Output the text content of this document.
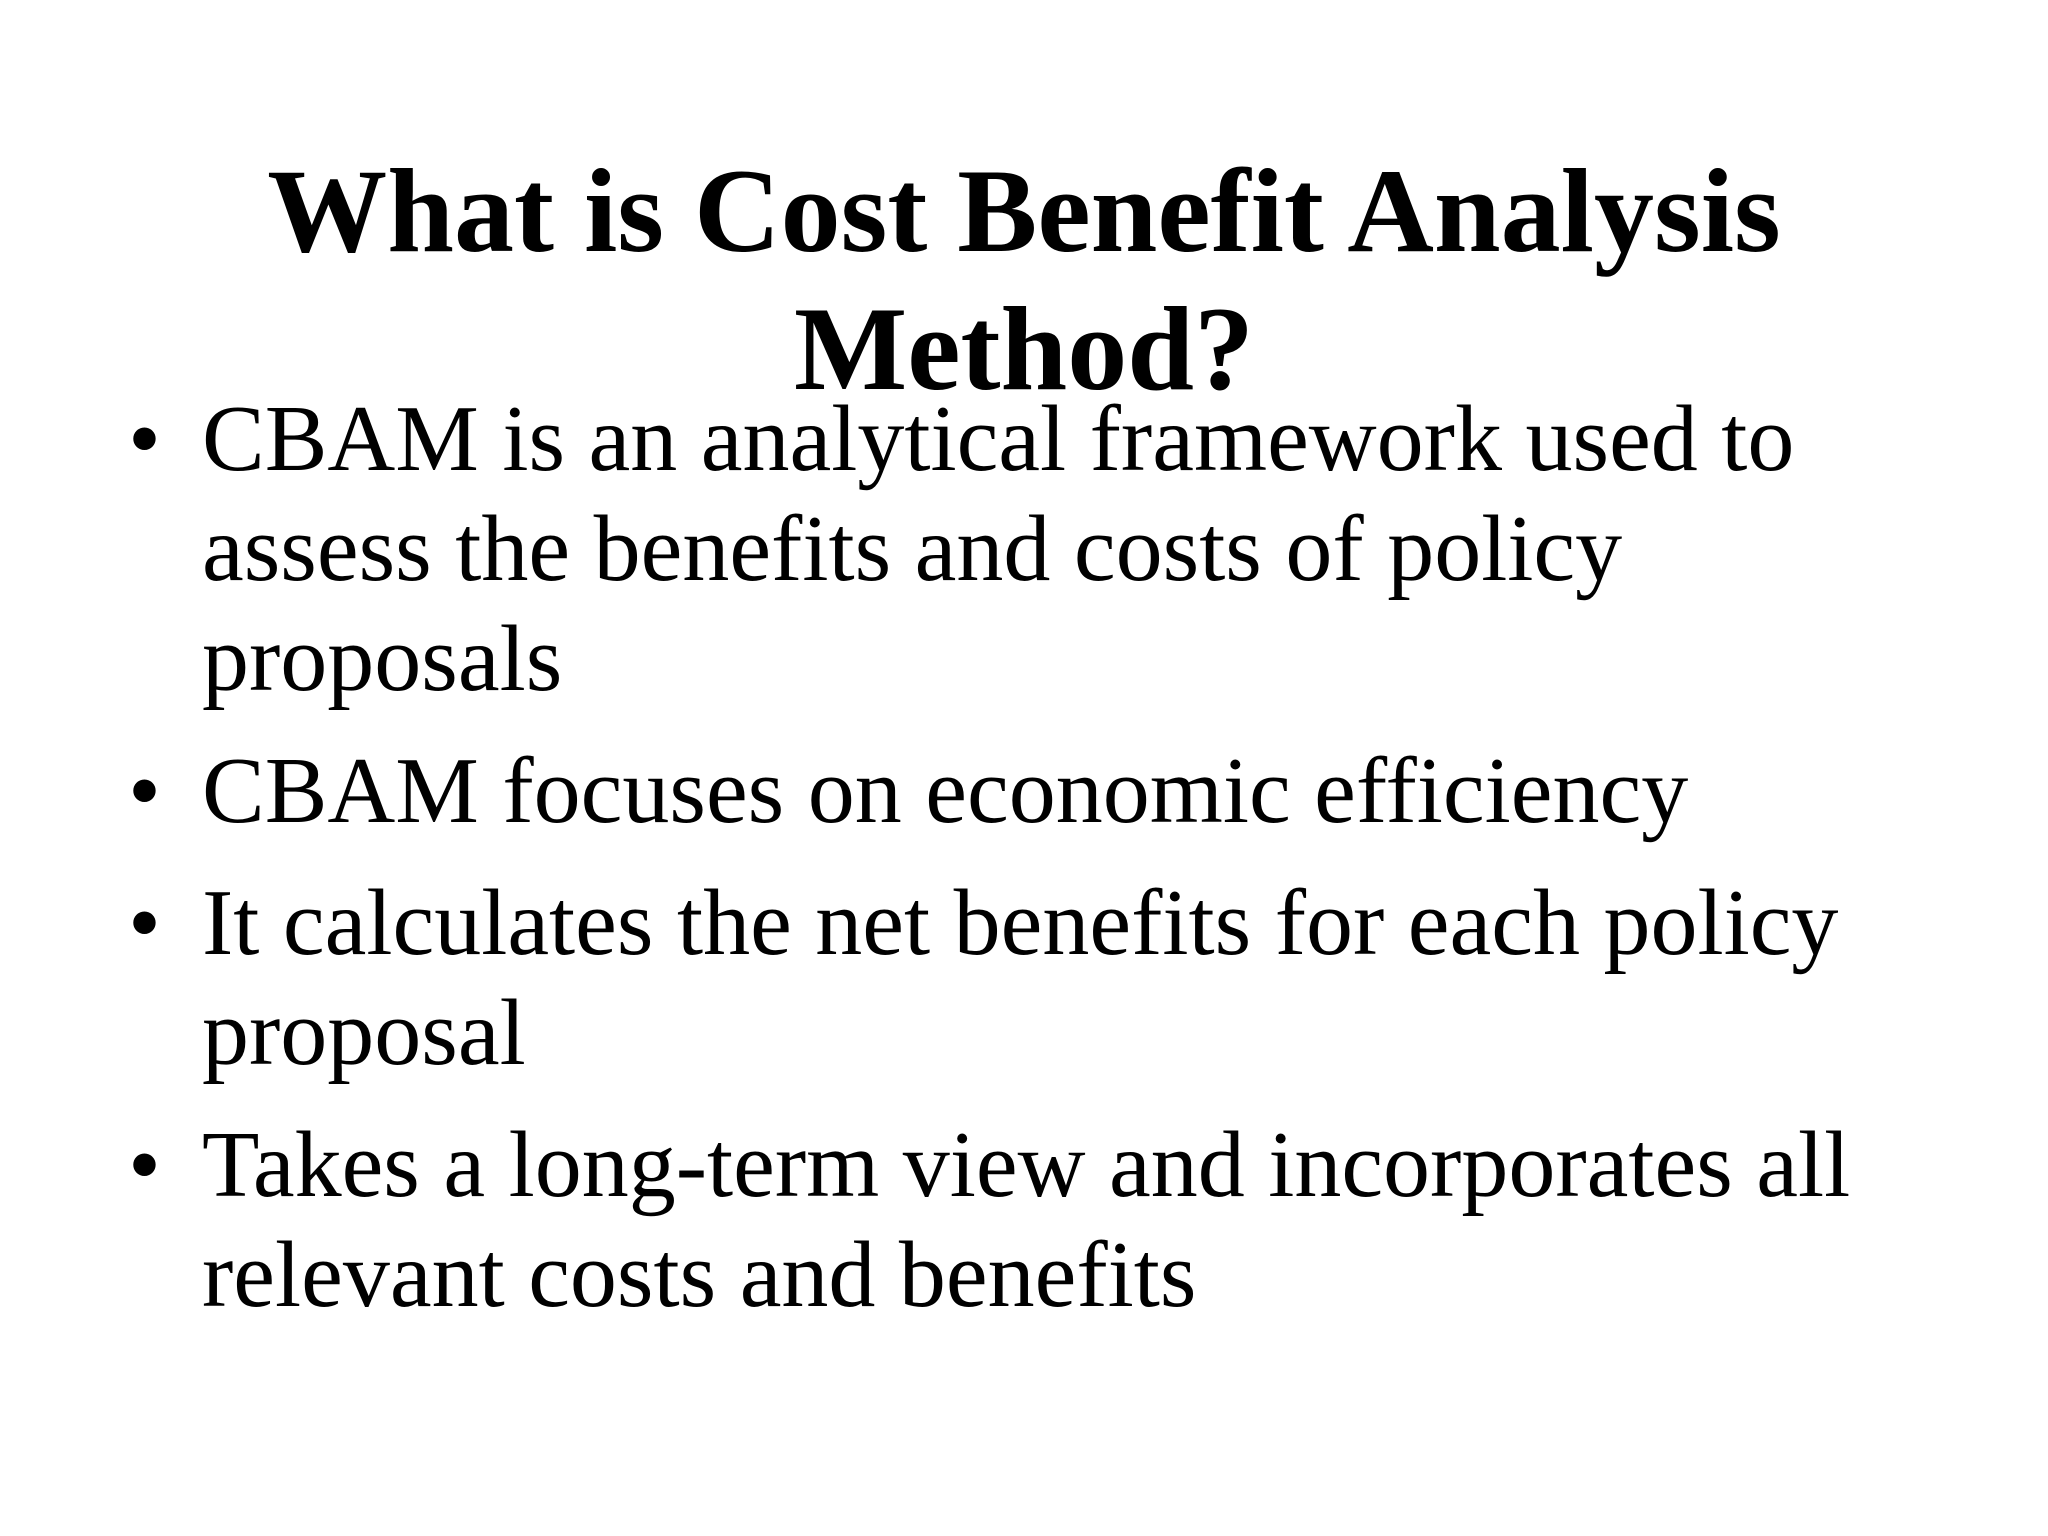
What is Cost Benefit Analysis
Method?
• CBAM is an analytical framework used to assess the benefits and costs of policy proposals
• CBAM focuses on economic efficiency
• It calculates the net benefits for each policy proposal
• Takes a long-term view and incorporates all relevant costs and benefits
